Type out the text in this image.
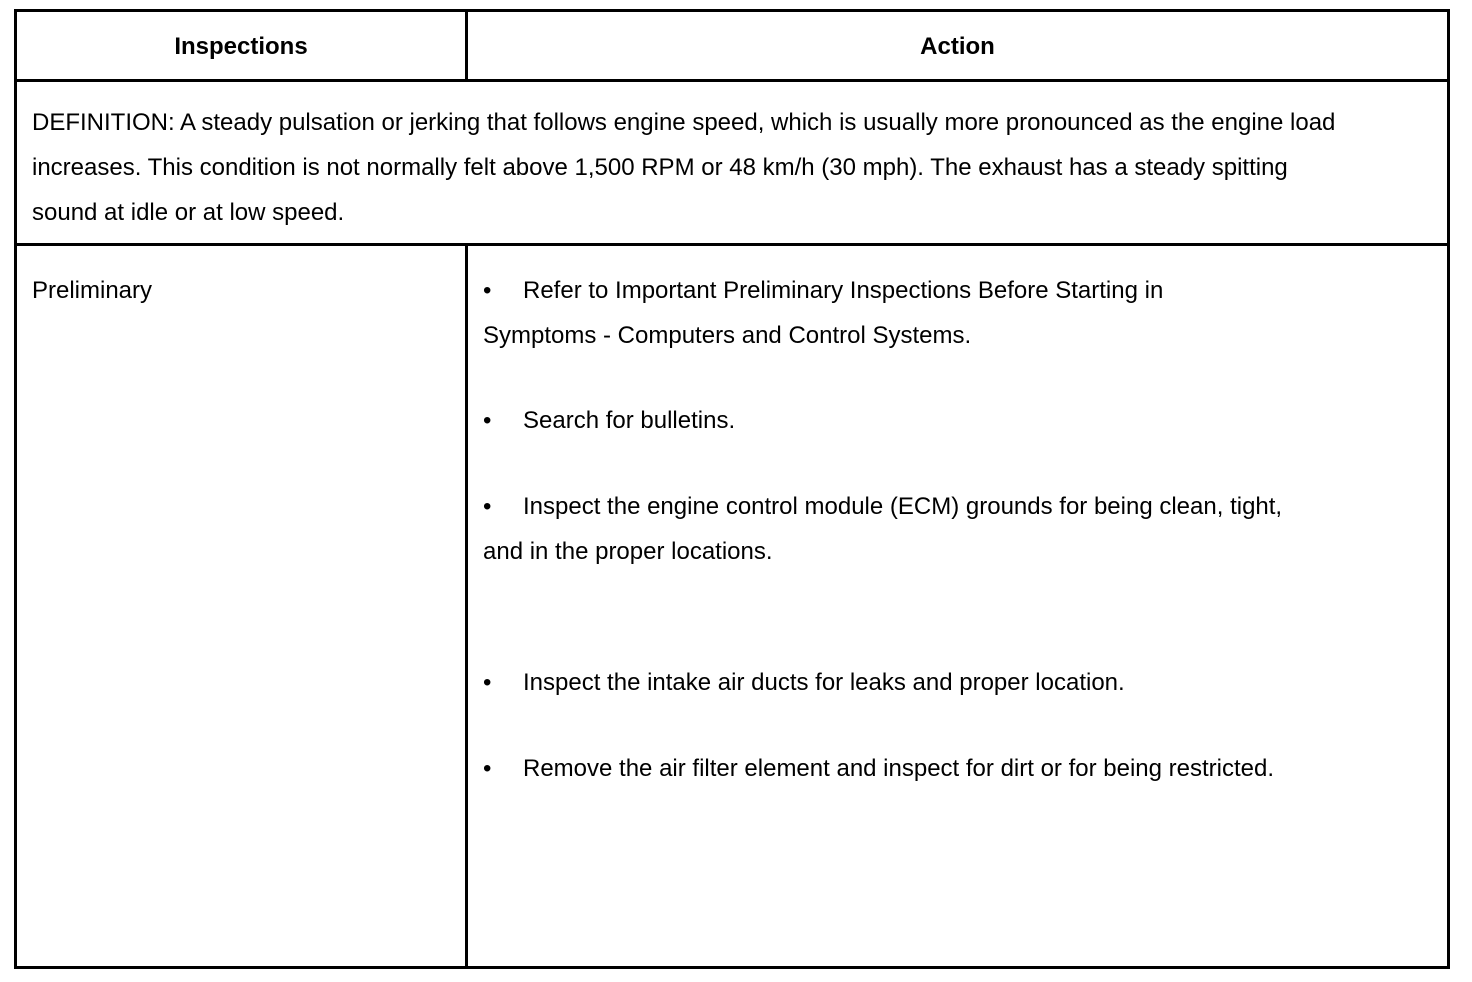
Inspections	Action
DEFINITION: A steady pulsation or jerking that follows engine speed, which is usually more pronounced as the engine load increases. This condition is not normally felt above 1,500 RPM or 48 km/h (30 mph). The exhaust has a steady spitting sound at idle or at low speed.
Preliminary	• Refer to Important Preliminary Inspections Before Starting in Symptoms - Computers and Control Systems.
• Search for bulletins.
• Inspect the engine control module (ECM) grounds for being clean, tight, and in the proper locations.
• Inspect the intake air ducts for leaks and proper location.
• Remove the air filter element and inspect for dirt or for being restricted.
